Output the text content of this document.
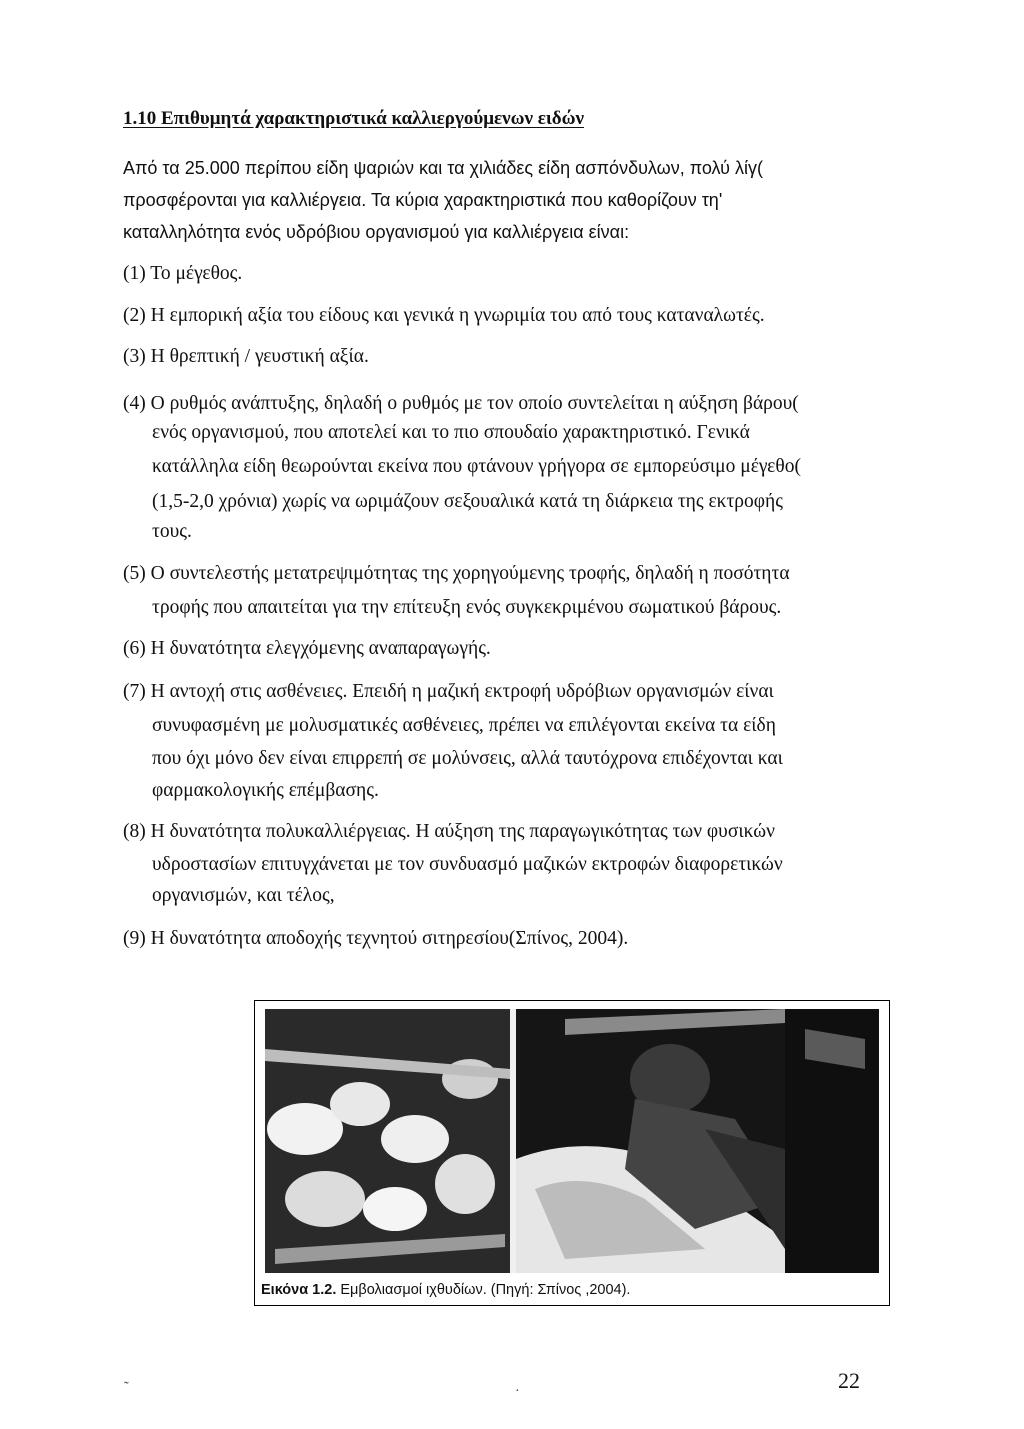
1.10 Επιθυμητά χαρακτηριστικά καλλιεργούμενων ειδών
Από τα 25.000 περίπου είδη ψαριών και τα χιλιάδες είδη ασπόνδυλων, πολύ λίγ(
προσφέρονται για καλλιέργεια. Τα κύρια χαρακτηριστικά που καθορίζουν τη'
καταλληλότητα ενός υδρόβιου οργανισμού για καλλιέργεια είναι:
(1) Το μέγεθος.
(2) Η εμπορική αξία του είδους και γενικά η γνωριμία του από τους καταναλωτές.
(3) Η θρεπτική / γευστική αξία.
(4) Ο ρυθμός ανάπτυξης, δηλαδή ο ρυθμός με τον οποίο συντελείται η αύξηση βάρου(
ενός οργανισμού, που αποτελεί και το πιο σπουδαίο χαρακτηριστικό. Γενικά
κατάλληλα είδη θεωρούνται εκείνα που φτάνουν γρήγορα σε εμπορεύσιμο μέγεθο(
(1,5-2,0 χρόνια) χωρίς να ωριμάζουν σεξουαλικά κατά τη διάρκεια της εκτροφής
τους.
(5) Ο συντελεστής μετατρεψιμότητας της χορηγούμενης τροφής, δηλαδή η ποσότητα
τροφής που απαιτείται για την επίτευξη ενός συγκεκριμένου σωματικού βάρους.
(6) Η δυνατότητα ελεγχόμενης αναπαραγωγής.
(7) Η αντοχή στις ασθένειες. Επειδή η μαζική εκτροφή υδρόβιων οργανισμών είναι
συνυφασμένη με μολυσματικές ασθένειες, πρέπει να επιλέγονται εκείνα τα είδη
που όχι μόνο δεν είναι επιρρεπή σε μολύνσεις, αλλά ταυτόχρονα επιδέχονται και
φαρμακολογικής επέμβασης.
(8) Η δυνατότητα πολυκαλλιέργειας. Η αύξηση της παραγωγικότητας των φυσικών
υδροστασίων επιτυγχάνεται με τον συνδυασμό μαζικών εκτροφών διαφορετικών
οργανισμών, και τέλος,
(9) Η δυνατότητα αποδοχής τεχνητού σιτηρεσίου(Σπίνος, 2004).
Εικόνα 1.2. Εμβολιασμοί ιχθυδίων. (Πηγή: Σπίνος ,2004).
22
˜	·
